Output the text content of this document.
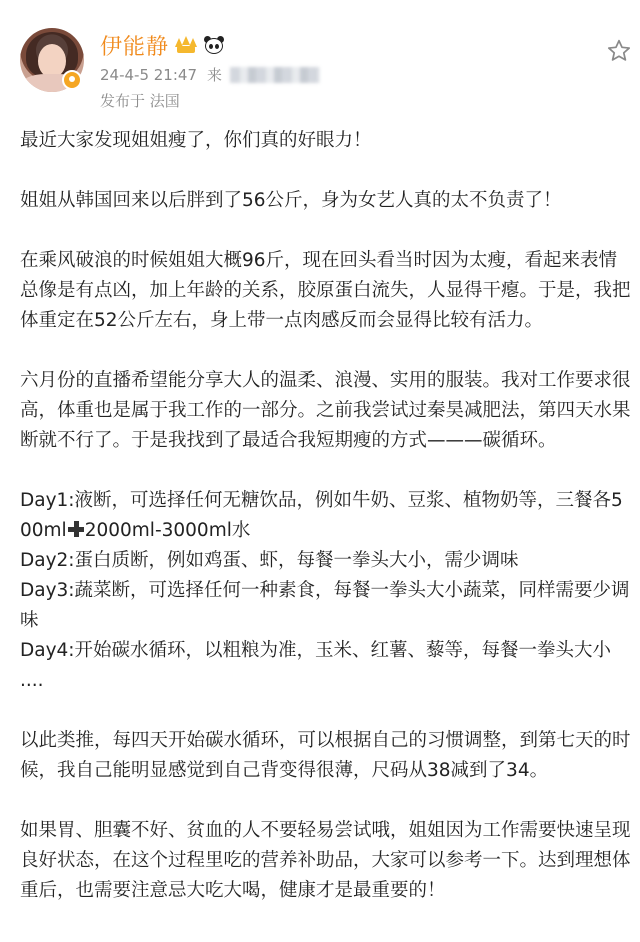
伊能静
24-4-5 21:47 来
发布于 法国

最近大家发现姐姐瘦了，你们真的好眼力！

姐姐从韩国回来以后胖到了56公斤，身为女艺人真的太不负责了！

在乘风破浪的时候姐姐大概96斤，现在回头看当时因为太瘦，看起来表情总像是有点凶，加上年龄的关系，胶原蛋白流失，人显得干瘪。于是，我把体重定在52公斤左右，身上带一点肉感反而会显得比较有活力。

六月份的直播希望能分享大人的温柔、浪漫、实用的服装。我对工作要求很高，体重也是属于我工作的一部分。之前我尝试过秦昊减肥法，第四天水果断就不行了。于是我找到了最适合我短期瘦的方式———碳循环。

Day1:液断，可选择任何无糖饮品，例如牛奶、豆浆、植物奶等，三餐各500ml 2000ml-3000ml水

Day2:蛋白质断，例如鸡蛋、虾，每餐一拳头大小，需少调味

Day3:蔬菜断，可选择任何一种素食，每餐一拳头大小蔬菜，同样需要少调味

Day4:开始碳水循环，以粗粮为准，玉米、红薯、藜等，每餐一拳头大小

....

以此类推，每四天开始碳水循环，可以根据自己的习惯调整，到第七天的时候，我自己能明显感觉到自己背变得很薄，尺码从38减到了34。

如果胃、胆囊不好、贫血的人不要轻易尝试哦，姐姐因为工作需要快速呈现良好状态，在这个过程里吃的营养补助品，大家可以参考一下。达到理想体重后，也需要注意忌大吃大喝，健康才是最重要的！
